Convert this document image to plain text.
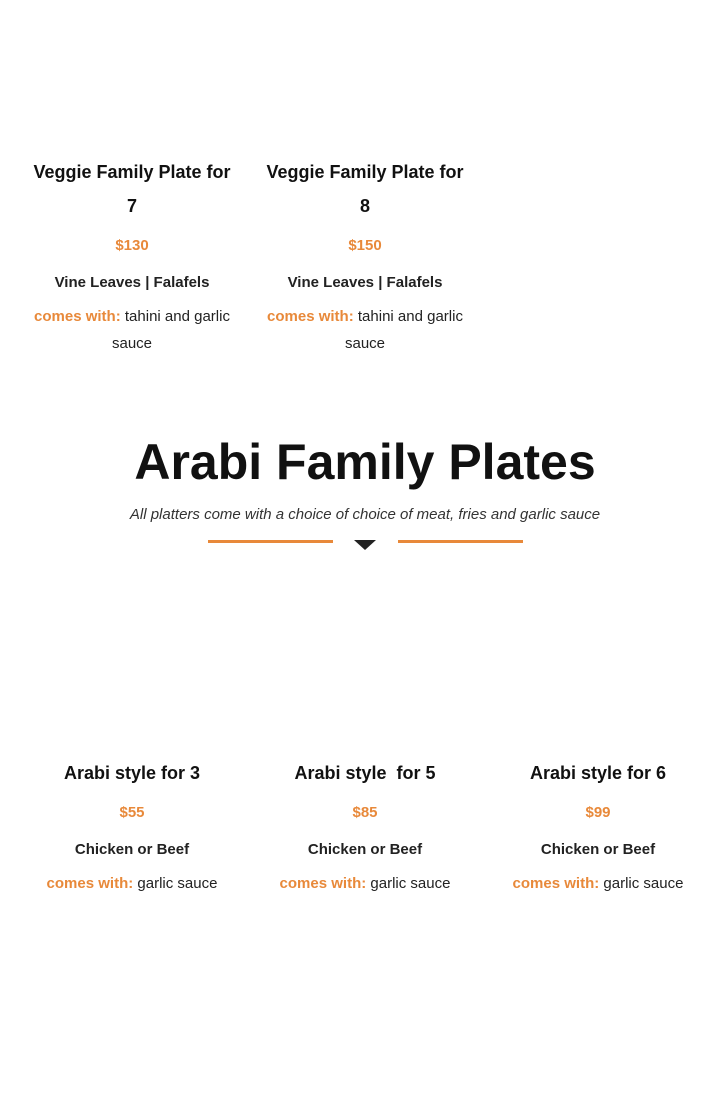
Veggie Family Plate for 7
$130
Vine Leaves | Falafels
comes with: tahini and garlic sauce
Veggie Family Plate for 8
$150
Vine Leaves | Falafels
comes with: tahini and garlic sauce
Arabi Family Plates
All platters come with a choice of choice of meat, fries and garlic sauce
Arabi style for 3
$55
Chicken or Beef
comes with: garlic sauce
Arabi style  for 5
$85
Chicken or Beef
comes with: garlic sauce
Arabi style for 6
$99
Chicken or Beef
comes with: garlic sauce
